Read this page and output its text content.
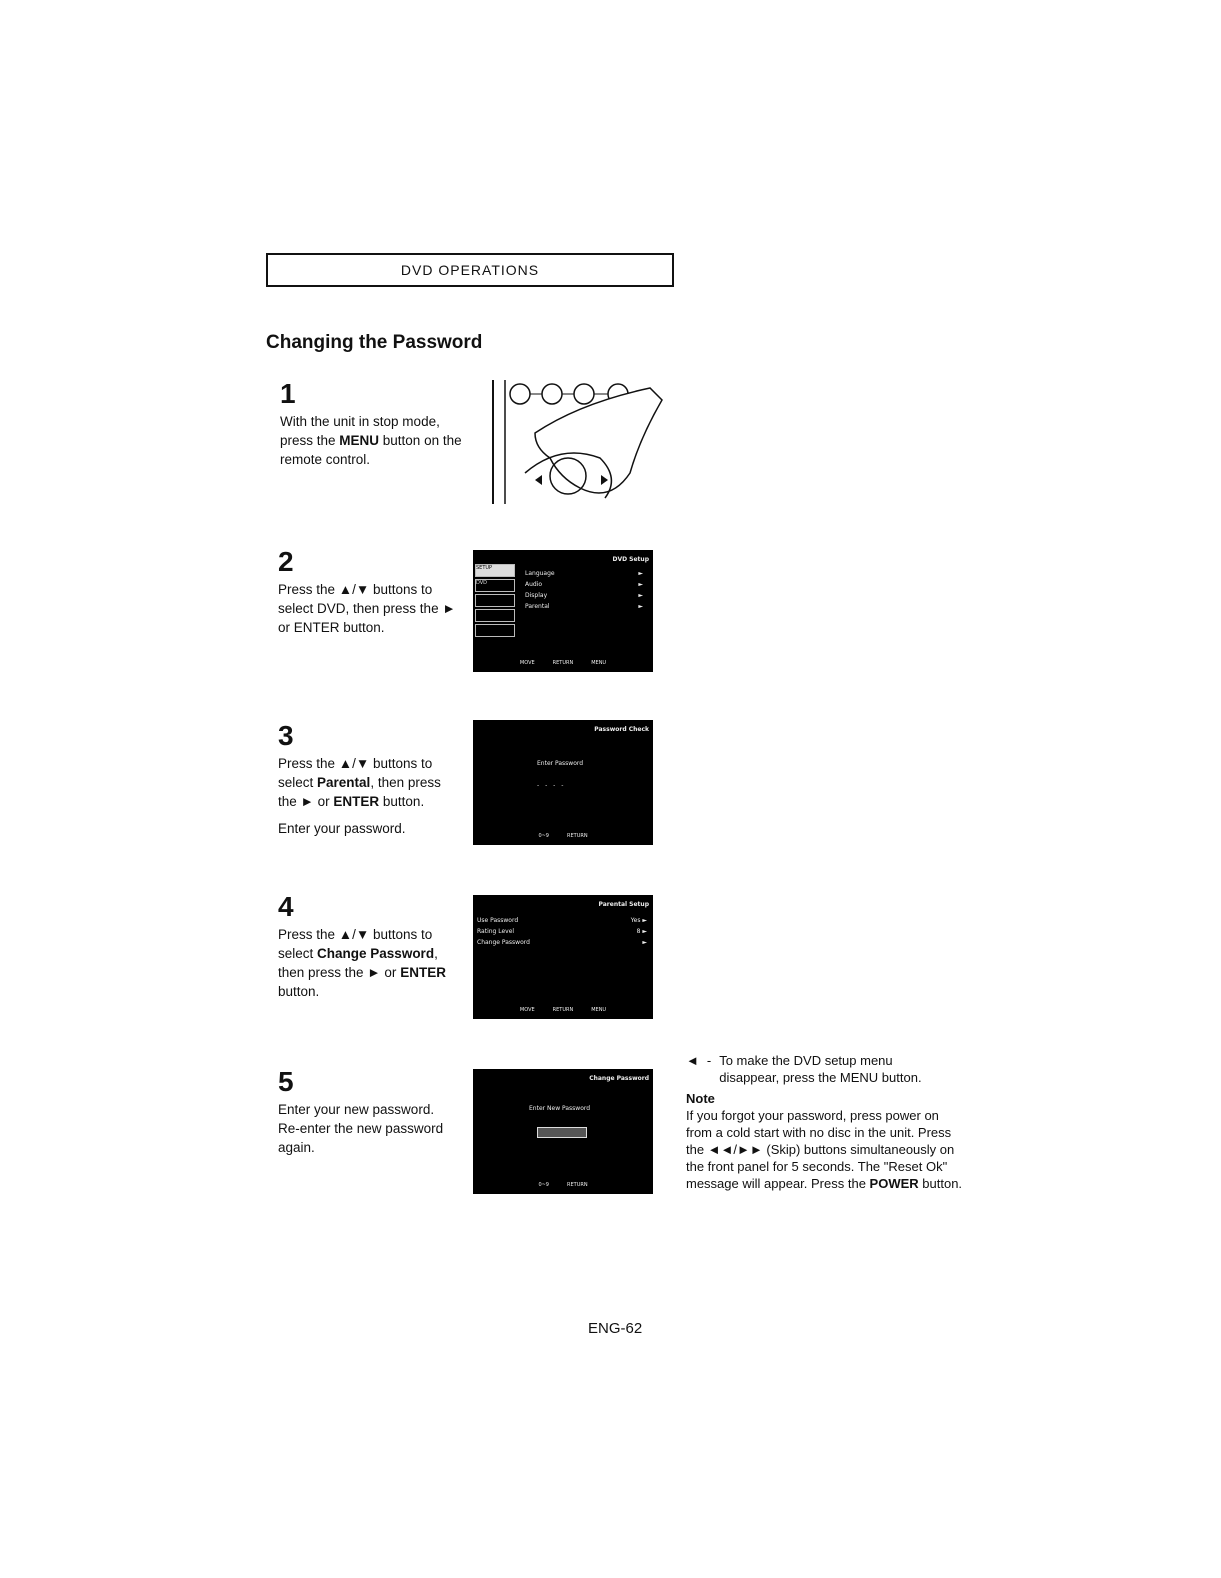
DVD OPERATIONS
Changing the Password
1

With the unit in stop mode,
press the MENU button on the
remote control.

2
Press the ▲/▼ buttons to select DVD, then press the ► or ENTER button.
DVD Setup
SETUP
DVD
Language	►
Audio	►
Display	►
Parental	►
MOVE	RETURN	MENU
3

Press the ▲/▼ buttons to select Parental, then press the ► or ENTER button.

Enter your password.

Password Check
Enter Password
- - - -
0~9	RETURN
4

Press the ▲/▼ buttons to select Change Password, then press the ► or ENTER button.

Parental Setup
Use Password	Yes ►
Rating Level	8 ►
Change Password	►
MOVE	RETURN	MENU
5

Enter your new password.

Re-enter the new password again.

Change Password
Enter New Password
0~9	RETURN
◄ - To make the DVD setup menu disappear, press the MENU button.

Note

If you forgot your password, press power on from a cold start with no disc in the unit. Press the ◄◄/►► (Skip) buttons simultaneously on the front panel for 5 seconds. The "Reset Ok" message will appear. Press the POWER button.

ENG-62
